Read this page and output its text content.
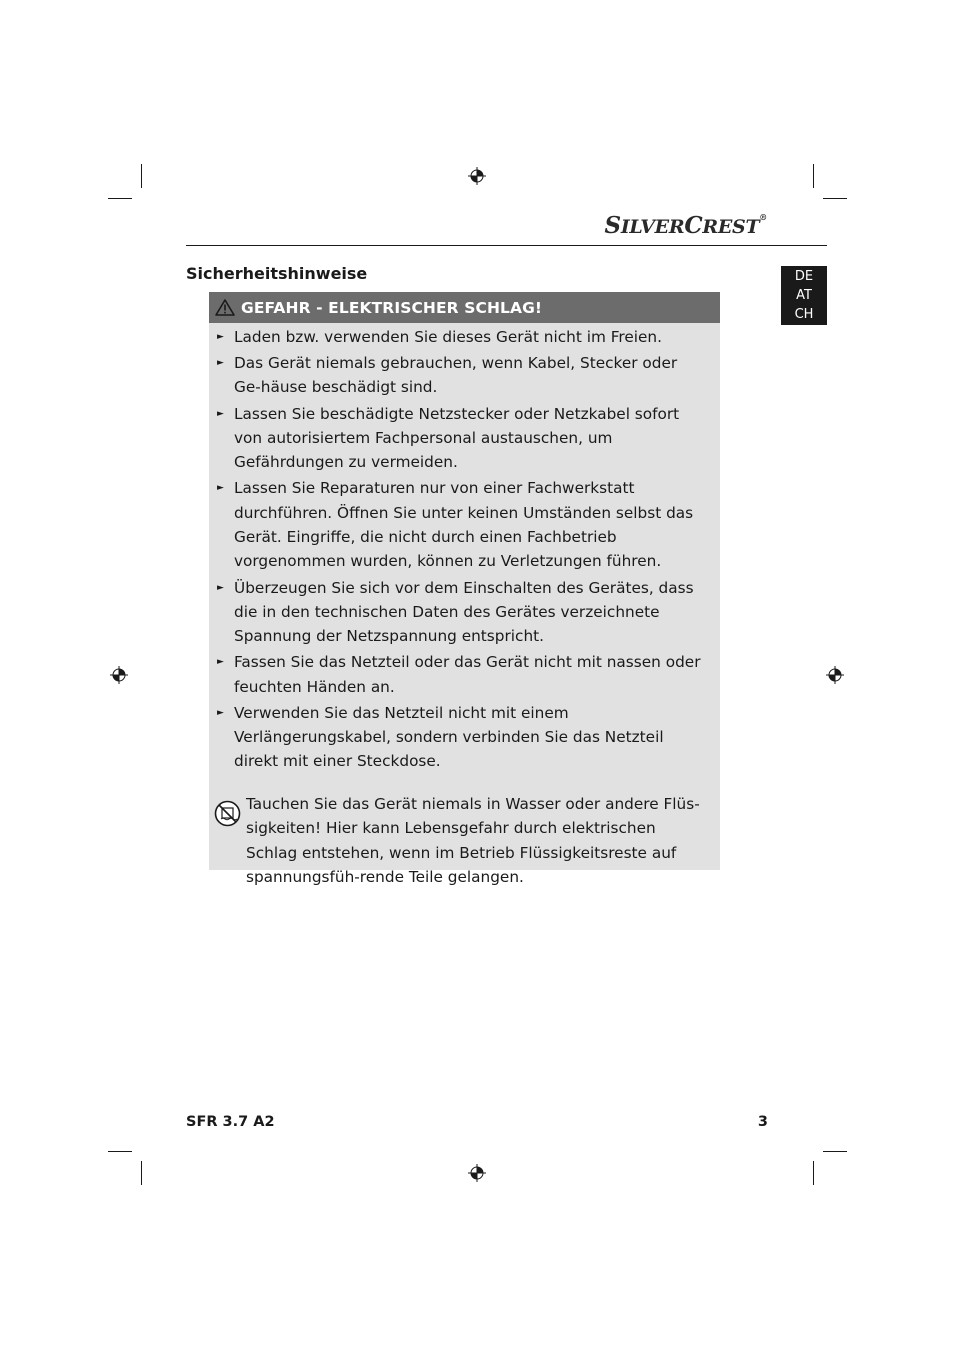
SILVERCREST®
Sicherheitshinweise	DE
AT
CH
GEFAHR - ELEKTRISCHER SCHLAG!
► Laden bzw. verwenden Sie dieses Gerät nicht im Freien.
► Das Gerät niemals gebrauchen, wenn Kabel, Stecker oder Ge-häuse beschädigt sind.
► Lassen Sie beschädigte Netzstecker oder Netzkabel sofort von autorisiertem Fachpersonal austauschen, um Gefährdungen zu vermeiden.
► Lassen Sie Reparaturen nur von einer Fachwerkstatt durchführen. Öffnen Sie unter keinen Umständen selbst das Gerät. Eingriffe, die nicht durch einen Fachbetrieb vorgenommen wurden, können zu Verletzungen führen.
► Überzeugen Sie sich vor dem Einschalten des Gerätes, dass die in den technischen Daten des Gerätes verzeichnete Spannung der Netzspannung entspricht.
► Fassen Sie das Netzteil oder das Gerät nicht mit nassen oder feuchten Händen an.
► Verwenden Sie das Netzteil nicht mit einem Verlängerungskabel, sondern verbinden Sie das Netzteil direkt mit einer Steckdose.
Tauchen Sie das Gerät niemals in Wasser oder andere Flüs-sigkeiten! Hier kann Lebensgefahr durch elektrischen Schlag entstehen, wenn im Betrieb Flüssigkeitsreste auf spannungsfüh-rende Teile gelangen.
SFR 3.7 A2	3
